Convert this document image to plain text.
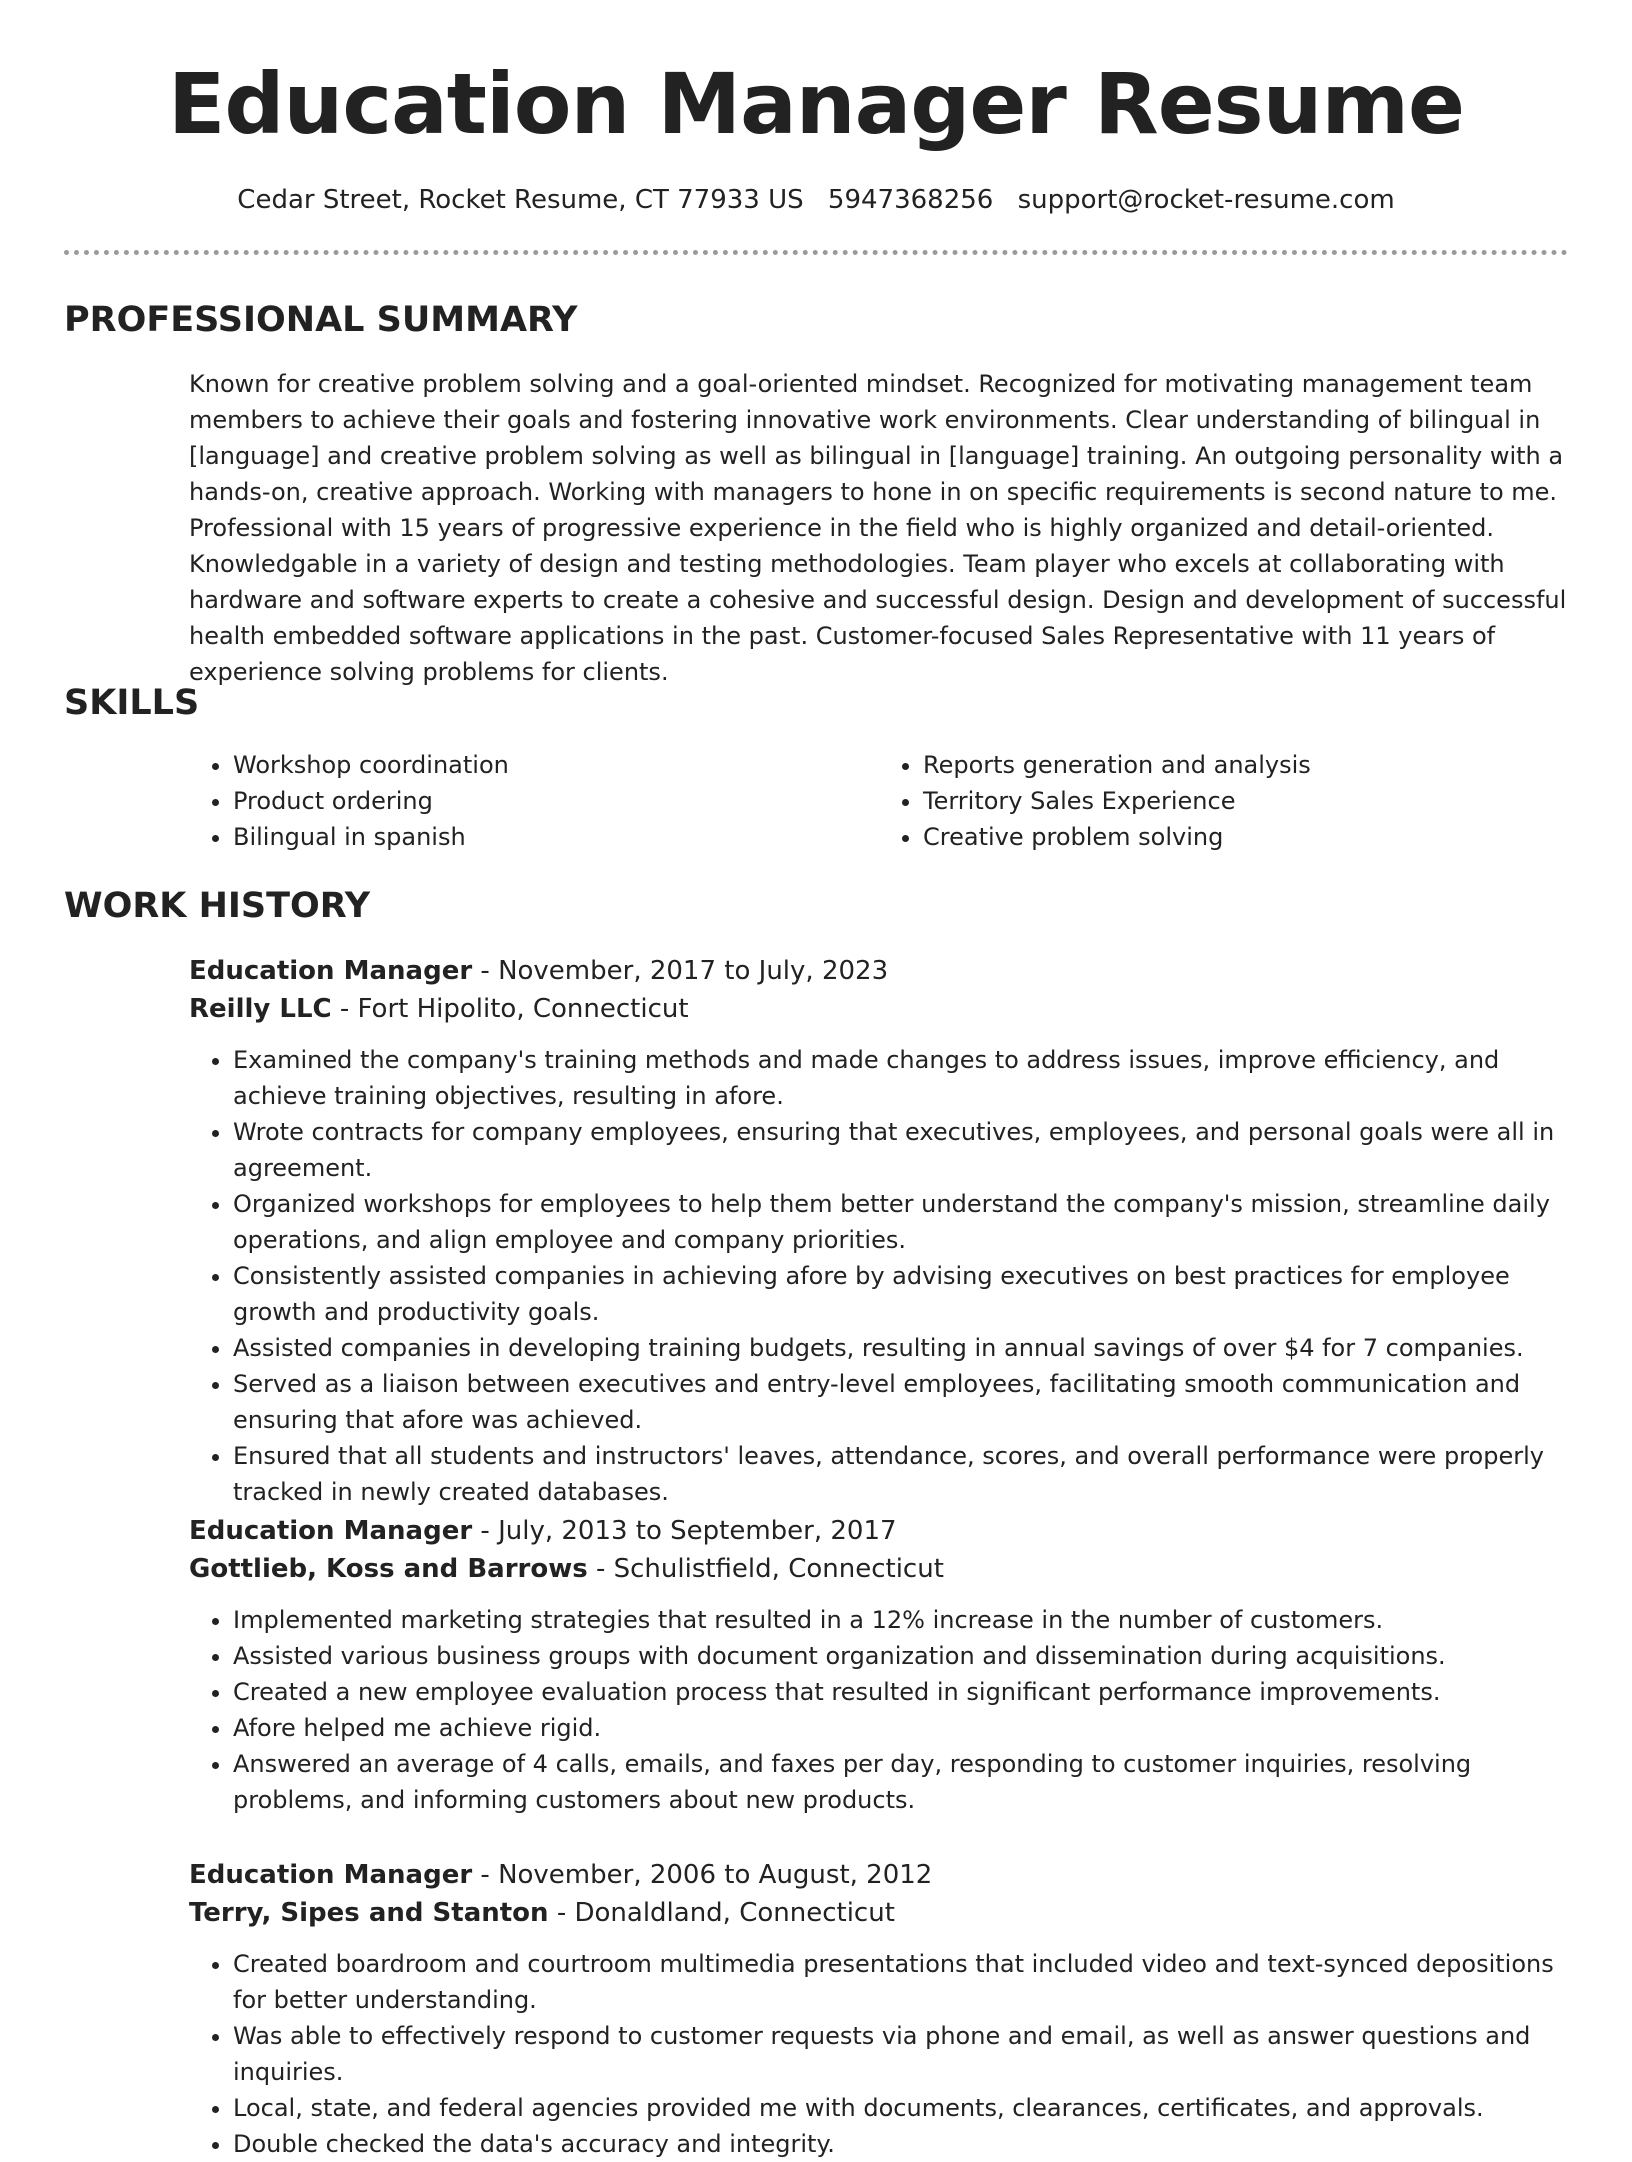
Education Manager Resume
Cedar Street, Rocket Resume, CT 77933 US 5947368256 support@rocket-resume.com
PROFESSIONAL SUMMARY

Known for creative problem solving and a goal-oriented mindset. Recognized for motivating management team members to achieve their goals and fostering innovative work environments. Clear understanding of bilingual in [language] and creative problem solving as well as bilingual in [language] training. An outgoing personality with a hands-on, creative approach. Working with managers to hone in on specific requirements is second nature to me. Professional with 15 years of progressive experience in the field who is highly organized and detail-oriented. Knowledgable in a variety of design and testing methodologies. Team player who excels at collaborating with hardware and software experts to create a cohesive and successful design. Design and development of successful health embedded software applications in the past. Customer-focused Sales Representative with 11 years of experience solving problems for clients.

SKILLS
• Workshop coordination
• Product ordering
• Bilingual in spanish
• Reports generation and analysis
• Territory Sales Experience
• Creative problem solving
WORK HISTORY
Education Manager - November, 2017 to July, 2023
Reilly LLC - Fort Hipolito, Connecticut
• Examined the company's training methods and made changes to address issues, improve efficiency, and achieve training objectives, resulting in afore.
• Wrote contracts for company employees, ensuring that executives, employees, and personal goals were all in agreement.
• Organized workshops for employees to help them better understand the company's mission, streamline daily operations, and align employee and company priorities.
• Consistently assisted companies in achieving afore by advising executives on best practices for employee growth and productivity goals.
• Assisted companies in developing training budgets, resulting in annual savings of over $4 for 7 companies.
• Served as a liaison between executives and entry-level employees, facilitating smooth communication and ensuring that afore was achieved.
• Ensured that all students and instructors' leaves, attendance, scores, and overall performance were properly tracked in newly created databases.
Education Manager - July, 2013 to September, 2017
Gottlieb, Koss and Barrows - Schulistfield, Connecticut
• Implemented marketing strategies that resulted in a 12% increase in the number of customers.
• Assisted various business groups with document organization and dissemination during acquisitions.
• Created a new employee evaluation process that resulted in significant performance improvements.
• Afore helped me achieve rigid.
• Answered an average of 4 calls, emails, and faxes per day, responding to customer inquiries, resolving problems, and informing customers about new products.
Education Manager - November, 2006 to August, 2012
Terry, Sipes and Stanton - Donaldland, Connecticut
• Created boardroom and courtroom multimedia presentations that included video and text-synced depositions for better understanding.
• Was able to effectively respond to customer requests via phone and email, as well as answer questions and inquiries.
• Local, state, and federal agencies provided me with documents, clearances, certificates, and approvals.
• Double checked the data's accuracy and integrity.
